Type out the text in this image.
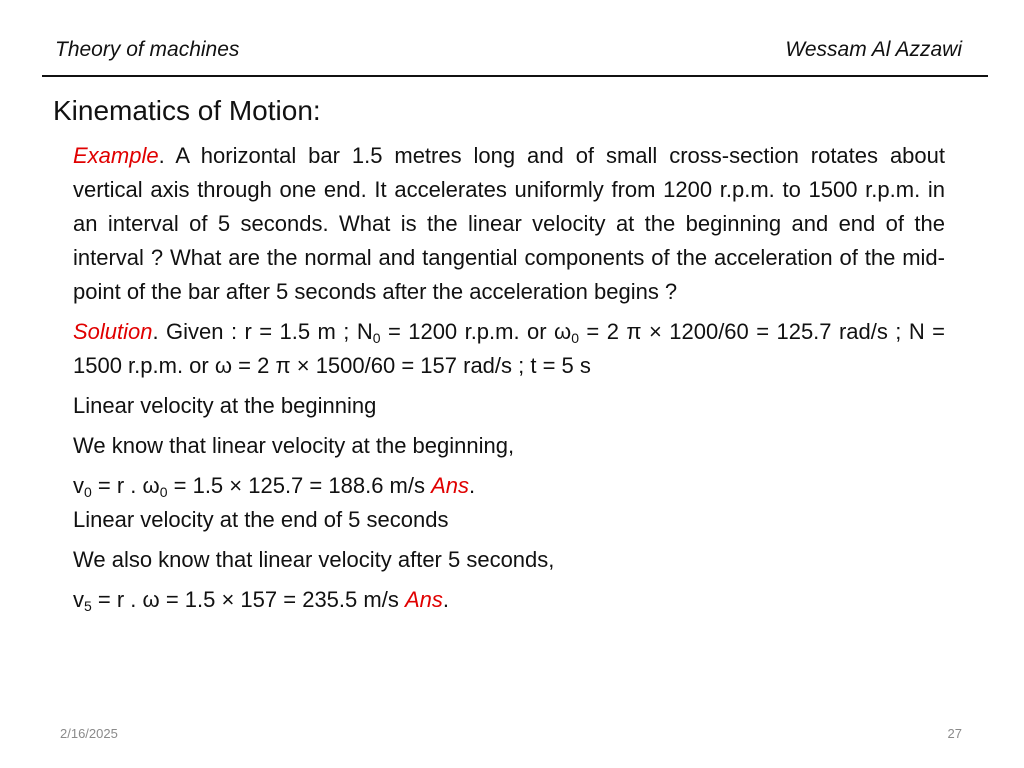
Theory of machines	Wessam Al Azzawi
Kinematics of Motion:

Example. A horizontal bar 1.5 metres long and of small cross-section rotates about vertical axis through one end. It accelerates uniformly from 1200 r.p.m. to 1500 r.p.m. in an interval of 5 seconds. What is the linear velocity at the beginning and end of the interval ? What are the normal and tangential components of the acceleration of the mid-point of the bar after 5 seconds after the acceleration begins ?

Solution. Given : r = 1.5 m ; $N_0 = 1200$ r.p.m. or $\omega_0 = 2$ π × 1200/60 = 125.7 rad/s ; N = 1500 r.p.m. or ω = 2 π × 1500/60 = 157 rad/s ; t = 5 s

Linear velocity at the beginning

We know that linear velocity at the beginning,

$v_0 = r$ . $\omega_0 = 1.5 \times 125.7 = 188.6$ m/s Ans.

Linear velocity at the end of 5 seconds

We also know that linear velocity after 5 seconds,

$v_5 = r$ . ω = 1.5 × 157 = 235.5 m/s Ans.

2/16/2025	27
